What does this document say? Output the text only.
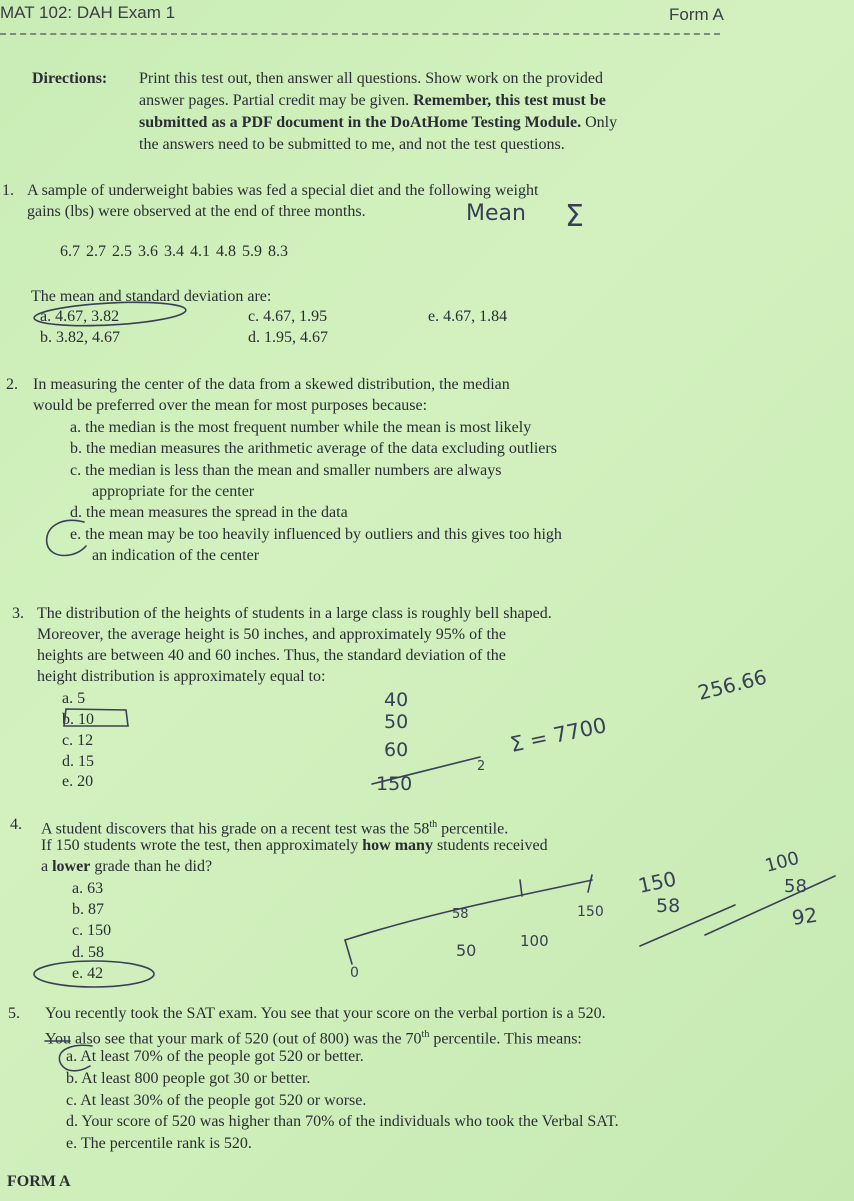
MAT 102: DAH Exam 1	Form A
Directions: Print this test out, then answer all questions. Show work on the provided
answer pages. Partial credit may be given. Remember, this test must be
submitted as a PDF document in the DoAtHome Testing Module. Only
the answers need to be submitted to me, and not the test questions.
1. A sample of underweight babies was fed a special diet and the following weight
gains (lbs) were observed at the end of three months.
6.7 2.7 2.5 3.6 3.4 4.1 4.8 5.9 8.3
The mean and standard deviation are:
a. 4.67, 3.82
b. 3.82, 4.67
c. 4.67, 1.95
d. 1.95, 4.67
e. 4.67, 1.84
2. In measuring the center of the data from a skewed distribution, the median
would be preferred over the mean for most purposes because:
a. the median is the most frequent number while the mean is most likely
b. the median measures the arithmetic average of the data excluding outliers
c. the median is less than the mean and smaller numbers are always
appropriate for the center
d. the mean measures the spread in the data
e. the mean may be too heavily influenced by outliers and this gives too high
an indication of the center
3. The distribution of the heights of students in a large class is roughly bell shaped.
Moreover, the average height is 50 inches, and approximately 95% of the
heights are between 40 and 60 inches. Thus, the standard deviation of the
height distribution is approximately equal to:
a. 5
b. 10
c. 12
d. 15
e. 20
4. A student discovers that his grade on a recent test was the 58th percentile.
If 150 students wrote the test, then approximately how many students received
a lower grade than he did?
a. 63
b. 87
c. 150
d. 58
e. 42
5. You recently took the SAT exam. You see that your score on the verbal portion is a 520.
You also see that your mark of 520 (out of 800) was the 70th percentile. This means:
a. At least 70% of the people got 520 or better.
b. At least 800 people got 30 or better.
c. At least 30% of the people got 520 or worse.
d. Your score of 520 was higher than 70% of the individuals who took the Verbal SAT.
e. The percentile rank is 520.
FORM A
Mean Σ
40
50
60
150
2
Σ = 7700
256.66
58
50	100
150
0
150
58
100
58
92
